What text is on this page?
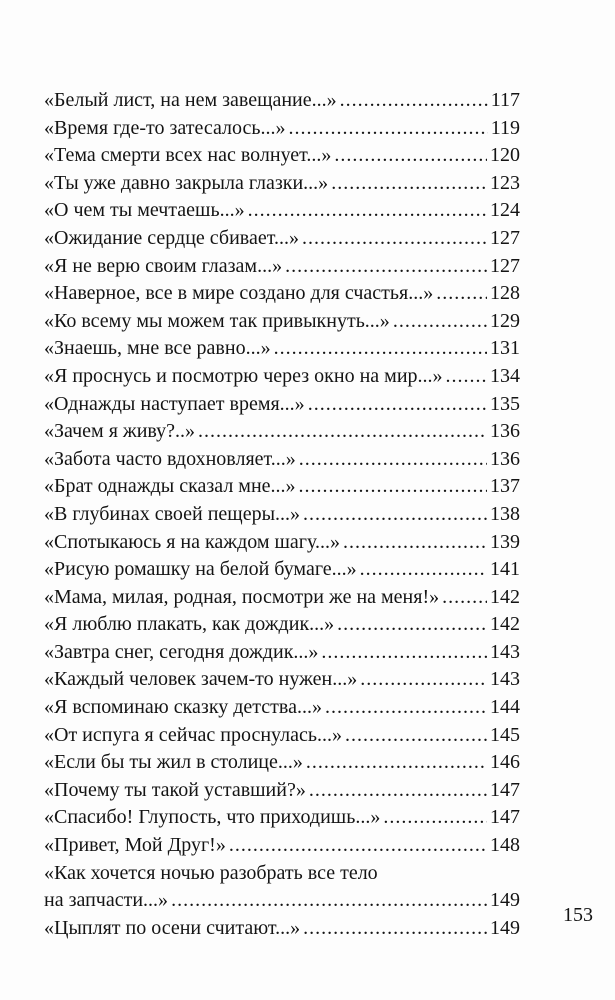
«Белый лист, на нем завещание...» .....	117
«Время где-то затесалось...» .....	119
«Тема смерти всех нас волнует...» .....	120
«Ты уже давно закрыла глазки...» .....	123
«О чем ты мечтаешь...» .....	124
«Ожидание сердце сбивает...» .....	127
«Я не верю своим глазам...» .....	127
«Наверное, все в мире создано для счастья...» .....	128
«Ко всему мы можем так привыкнуть...» .....	129
«Знаешь, мне все равно...» .....	131
«Я проснусь и посмотрю через окно на мир...» ..... 134
«Однажды наступает время...» .....	135
«Зачем я живу?..» .....	136
«Забота часто вдохновляет...» .....	136
«Брат однажды сказал мне...» .....	137
«В глубинах своей пещеры...» .....	138
«Спотыкаюсь я на каждом шагу...» .....	139
«Рисую ромашку на белой бумаге...» .....	141
«Мама, милая, родная, посмотри же на меня!» .....	142
«Я люблю плакать, как дождик...» .....	142
«Завтра снег, сегодня дождик...» .....	143
«Каждый человек зачем-то нужен...» .....	143
«Я вспоминаю сказку детства...» .....	144
«От испуга я сейчас проснулась...» .....	145
«Если бы ты жил в столице...» .....	146
«Почему ты такой уставший?» .....	147
«Спасибо! Глупость, что приходишь...» .....	147
«Привет, Мой Друг!» .....	148
«Как хочется ночью разобрать все тело
на запчасти...» .....	149
«Цыплят по осени считают...» .....	149
153
